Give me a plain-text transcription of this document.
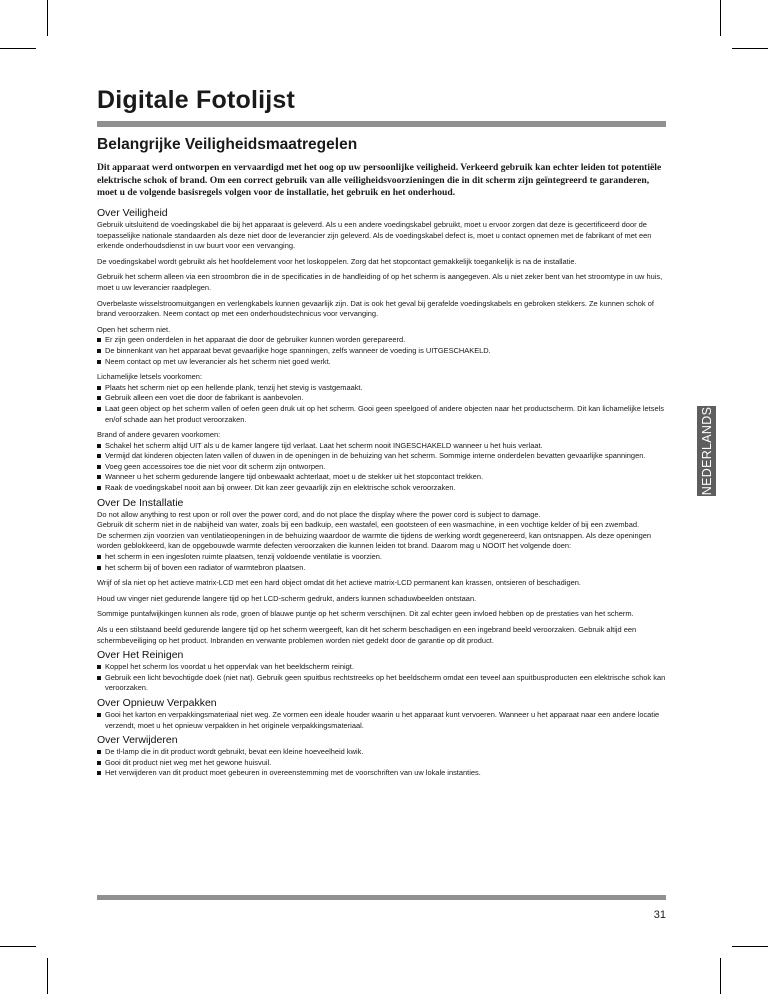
Digitale Fotolijst
Belangrijke Veiligheidsmaatregelen

Dit apparaat werd ontworpen en vervaardigd met het oog op uw persoonlijke veiligheid. Verkeerd gebruik kan echter leiden tot potentiële elektrische schok of brand. Om een correct gebruik van alle veiligheidsvoorzieningen die in dit scherm zijn geïntegreerd te garanderen, moet u de volgende basisregels volgen voor de installatie, het gebruik en het onderhoud.

Over Veiligheid

Gebruik uitsluitend de voedingskabel die bij het apparaat is geleverd. Als u een andere voedingskabel gebruikt, moet u ervoor zorgen dat deze is gecertificeerd door de toepasselijke nationale standaarden als deze niet door de leverancier zijn geleverd. Als de voedingskabel defect is, moet u contact opnemen met de fabrikant of met een erkende onderhoudsdienst in uw buurt voor een vervanging.

De voedingskabel wordt gebruikt als het hoofdelement voor het loskoppelen. Zorg dat het stopcontact gemakkelijk toegankelijk is na de installatie.

Gebruik het scherm alleen via een stroombron die in de specificaties in de handleiding of op het scherm is aangegeven. Als u niet zeker bent van het stroomtype in uw huis, moet u uw leverancier raadplegen.

Overbelaste wisselstroomuitgangen en verlengkabels kunnen gevaarlijk zijn. Dat is ook het geval bij gerafelde voedingskabels en gebroken stekkers. Ze kunnen schok of brand veroorzaken. Neem contact op met een onderhoudstechnicus voor vervanging.

Open het scherm niet.

Er zijn geen onderdelen in het apparaat die door de gebruiker kunnen worden gerepareerd.

De binnenkant van het apparaat bevat gevaarlijke hoge spanningen, zelfs wanneer de voeding is UITGESCHAKELD.

Neem contact op met uw leverancier als het scherm niet goed werkt.

Lichamelijke letsels voorkomen:

Plaats het scherm niet op een hellende plank, tenzij het stevig is vastgemaakt.

Gebruik alleen een voet die door de fabrikant is aanbevolen.

Laat geen object op het scherm vallen of oefen geen druk uit op het scherm. Gooi geen speelgoed of andere objecten naar het productscherm. Dit kan lichamelijke letsels en/of schade aan het product veroorzaken.

Brand of andere gevaren voorkomen:

Schakel het scherm altijd UIT als u de kamer langere tijd verlaat. Laat het scherm nooit INGESCHAKELD wanneer u het huis verlaat.

Vermijd dat kinderen objecten laten vallen of duwen in de openingen in de behuizing van het scherm. Sommige interne onderdelen bevatten gevaarlijke spanningen.

Voeg geen accessoires toe die niet voor dit scherm zijn ontworpen.

Wanneer u het scherm gedurende langere tijd onbewaakt achterlaat, moet u de stekker uit het stopcontact trekken.

Raak de voedingskabel nooit aan bij onweer. Dit kan zeer gevaarlijk zijn en elektrische schok veroorzaken.

Over De Installatie

Do not allow anything to rest upon or roll over the power cord, and do not place the display where the power cord is subject to damage.

Gebruik dit scherm niet in de nabijheid van water, zoals bij een badkuip, een wastafel, een gootsteen of een wasmachine, in een vochtige kelder of bij een zwembad.

De schermen zijn voorzien van ventilatieopeningen in de behuizing waardoor de warmte die tijdens de werking wordt gegenereerd, kan ontsnappen. Als deze openingen worden geblokkeerd, kan de opgebouwde warmte defecten veroorzaken die kunnen leiden tot brand. Daarom mag u NOOIT het volgende doen:

het scherm in een ingesloten ruimte plaatsen, tenzij voldoende ventilatie is voorzien.

het scherm bij of boven een radiator of warmtebron plaatsen.

Wrijf of sla niet op het actieve matrix-LCD met een hard object omdat dit het actieve matrix-LCD permanent kan krassen, ontsieren of beschadigen.

Houd uw vinger niet gedurende langere tijd op het LCD-scherm gedrukt, anders kunnen schaduwbeelden ontstaan.

Sommige puntafwijkingen kunnen als rode, groen of blauwe puntje op het scherm verschijnen. Dit zal echter geen invloed hebben op de prestaties van het scherm.

Als u een stilstaand beeld gedurende langere tijd op het scherm weergeeft, kan dit het scherm beschadigen en een ingebrand beeld veroorzaken. Gebruik altijd een schermbeveiliging op het product. Inbranden en verwante problemen worden niet gedekt door de garantie op dit product.

Over Het Reinigen

Koppel het scherm los voordat u het oppervlak van het beeldscherm reinigt.

Gebruik een licht bevochtigde doek (niet nat). Gebruik geen spuitbus rechtstreeks op het beeldscherm omdat een teveel aan spuitbusproducten een elektrische schok kan veroorzaken.

Over Opnieuw Verpakken

Gooi het karton en verpakkingsmateriaal niet weg. Ze vormen een ideale houder waarin u het apparaat kunt vervoeren. Wanneer u het apparaat naar een andere locatie verzendt, moet u het opnieuw verpakken in het originele verpakkingsmateriaal.

Over Verwijderen

De tl-lamp die in dit product wordt gebruikt, bevat een kleine hoeveelheid kwik.

Gooi dit product niet weg met het gewone huisvuil.

Het verwijderen van dit product moet gebeuren in overeenstemming met de voorschriften van uw lokale instanties.

NEDERLANDS
31
